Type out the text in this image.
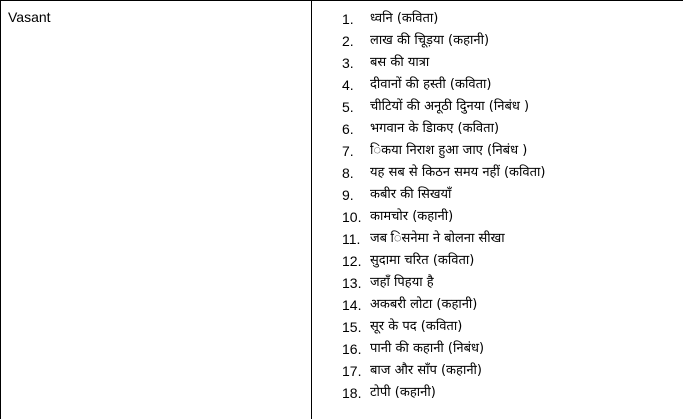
Vasant	1.	ध्वनि (कविता)
2.	लाख की चूिड़या (कहानी)
3.	बस की यात्रा
4.	दीवानों की हस्ती (कविता)
5.	चीटियों की अनूठी दुिनया (निबंध )
6.	भगवान के डािकए (कविता)
7.	िकया निराश हुआ जाए (निबंध )
8.	यह सब से किठन समय नहीं (कविता)
9.	कबीर की सिखयाँ
10. कामचोर (कहानी)
11. जब िसनेमा ने बोलना सीखा
12. सुदामा चरित (कविता)
13. जहाँ पिहया है
14. अकबरी लोटा (कहानी)
15. सूर के पद (कविता)
16. पानी की कहानी (निबंध)
17. बाज और साँप (कहानी)
18. टोपी (कहानी)
